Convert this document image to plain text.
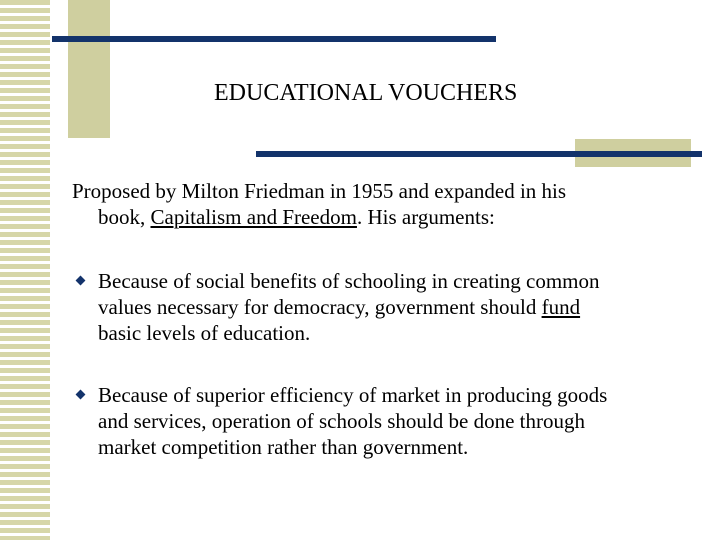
EDUCATIONAL VOUCHERS
Proposed by Milton Friedman in 1955 and expanded in his
book, Capitalism and Freedom. His arguments:
Because of social benefits of schooling in creating common
values necessary for democracy, government should fund
basic levels of education.
Because of superior efficiency of market in producing goods
and services, operation of schools should be done through
market competition rather than government.
